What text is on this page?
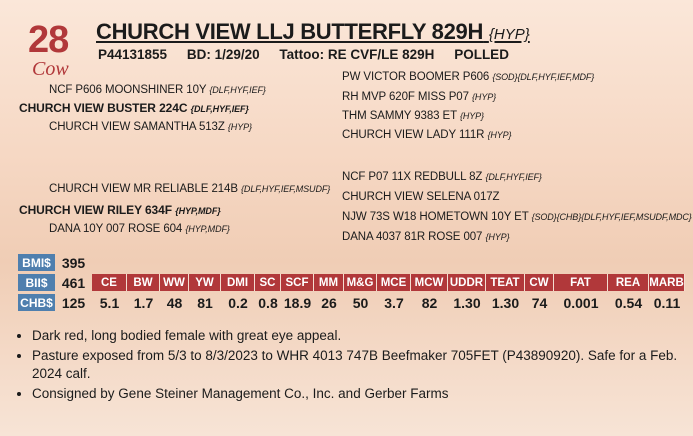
28
Cow
CHURCH VIEW LLJ BUTTERFLY 829H {HYP}
P44131855 BD: 1/29/20 Tattoo: RE CVF/LE 829H POLLED
NCF P606 MOONSHINER 10Y {DLF,HYF,IEF}
CHURCH VIEW BUSTER 224C {DLF,HYF,IEF}
CHURCH VIEW SAMANTHA 513Z {HYP}
PW VICTOR BOOMER P606 {SOD}{DLF,HYF,IEF,MDF}
RH MVP 620F MISS P07 {HYP}
THM SAMMY 9383 ET {HYP}
CHURCH VIEW LADY 111R {HYP}
CHURCH VIEW MR RELIABLE 214B {DLF,HYF,IEF,MSUDF}
CHURCH VIEW RILEY 634F {HYP,MDF}
DANA 10Y 007 ROSE 604 {HYP,MDF}
NCF P07 11X REDBULL 8Z {DLF,HYF,IEF}
CHURCH VIEW SELENA 017Z
NJW 73S W18 HOMETOWN 10Y ET {SOD}{CHB}{DLF,HYF,IEF,MSUDF,MDC}
DANA 4037 81R ROSE 007 {HYP}
BMI$	395																	
BII$	461	CE	BW	WW	YW	DMI	SC	SCF	MM	M&G	MCE	MCW	UDDR	TEAT	CW	FAT	REA	MARB
CHB$	125	5.1	1.7	48	81	0.2	0.8	18.9	26	50	3.7	82	1.30	1.30	74	0.001	0.54	0.11
• Dark red, long bodied female with great eye appeal.
• Pasture exposed from 5/3 to 8/3/2023 to WHR 4013 747B Beefmaker 705FET (P43890920). Safe for a Feb. 2024 calf.
• Consigned by Gene Steiner Management Co., Inc. and Gerber Farms
